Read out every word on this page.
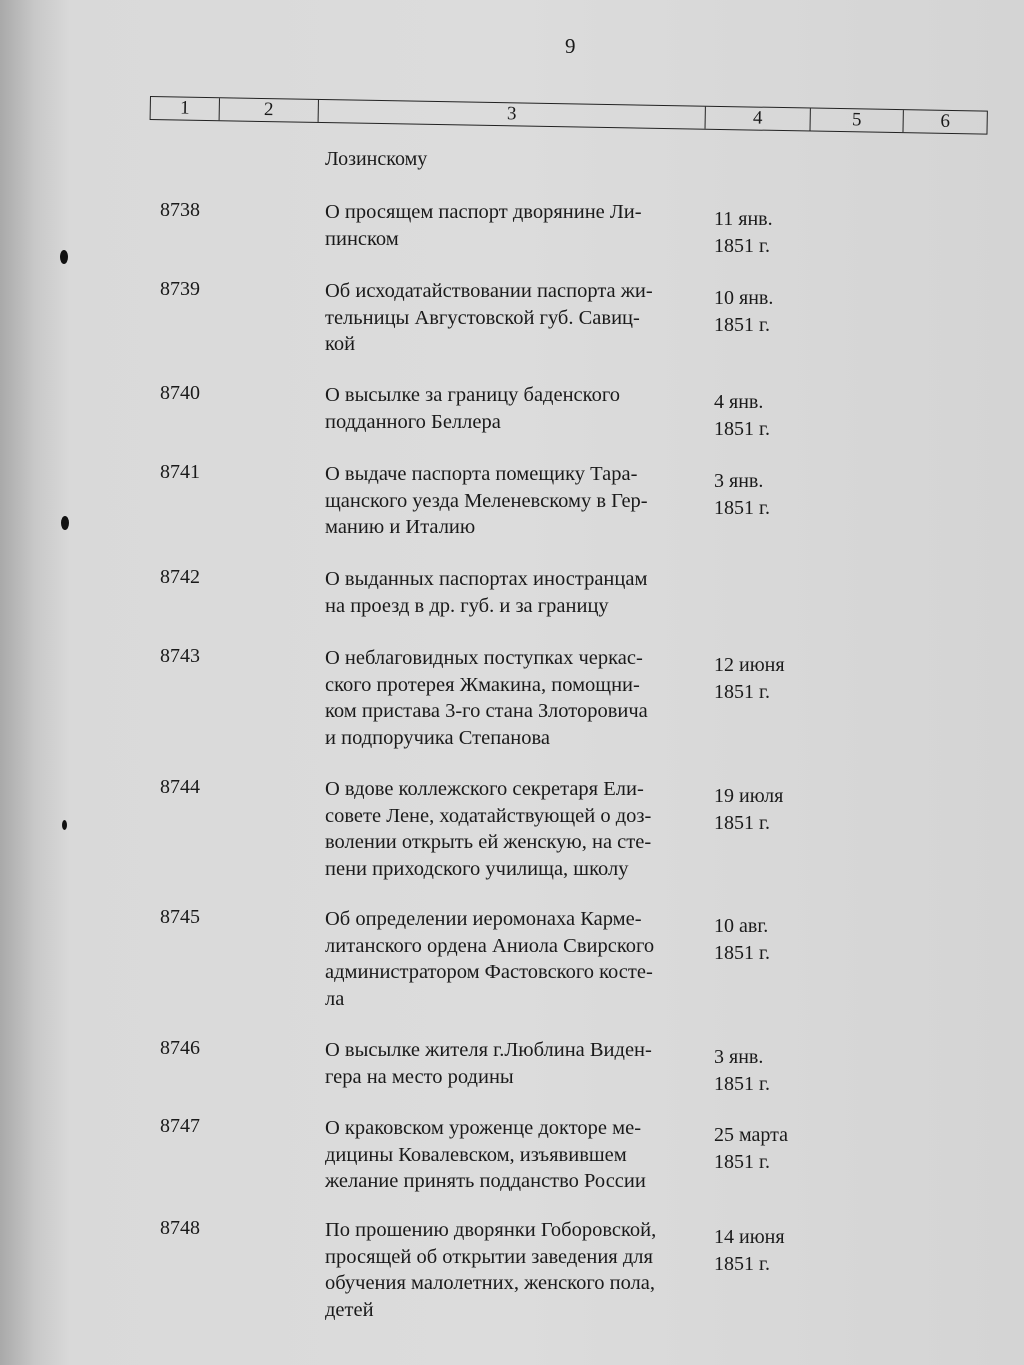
9
1	2	3	4	5	6
Лозинскому
8738	О просящем паспорт дворянине Ли-
пинском
11 янв.
1851 г.
8739	Об исходатайствовании паспорта жи-
тельницы Августовской губ. Савиц-
кой
10 янв.
1851 г.
8740	О высылке за границу баденского
подданного Беллера
4 янв.
1851 г.
8741	О выдаче паспорта помещику Тара-
щанского уезда Меленевскому в Гер-
манию и Италию
3 янв.
1851 г.
8742	О выданных паспортах иностранцам
на проезд в др. губ. и за границу
8743	О неблаговидных поступках черкас-
ского протерея Жмакина, помощни-
ком пристава 3-го стана Злоторовича
и подпоручика Степанова
12 июня
1851 г.
8744	О вдове коллежского секретаря Ели-
совете Лене, ходатайствующей о доз-
волении открыть ей женскую, на сте-
пени приходского училища, школу
19 июля
1851 г.
8745	Об определении иеромонаха Карме-
литанского ордена Аниола Свирского
администратором Фастовского косте-
ла
10 авг.
1851 г.
8746	О высылке жителя г.Люблина Виден-
гера на место родины
3 янв.
1851 г.
8747	О краковском уроженце докторе ме-
дицины Ковалевском, изъявившем
желание принять подданство России
25 марта
1851 г.
8748	По прошению дворянки Гоборовской,
просящей об открытии заведения для
обучения малолетних, женского пола,
детей
14 июня
1851 г.
